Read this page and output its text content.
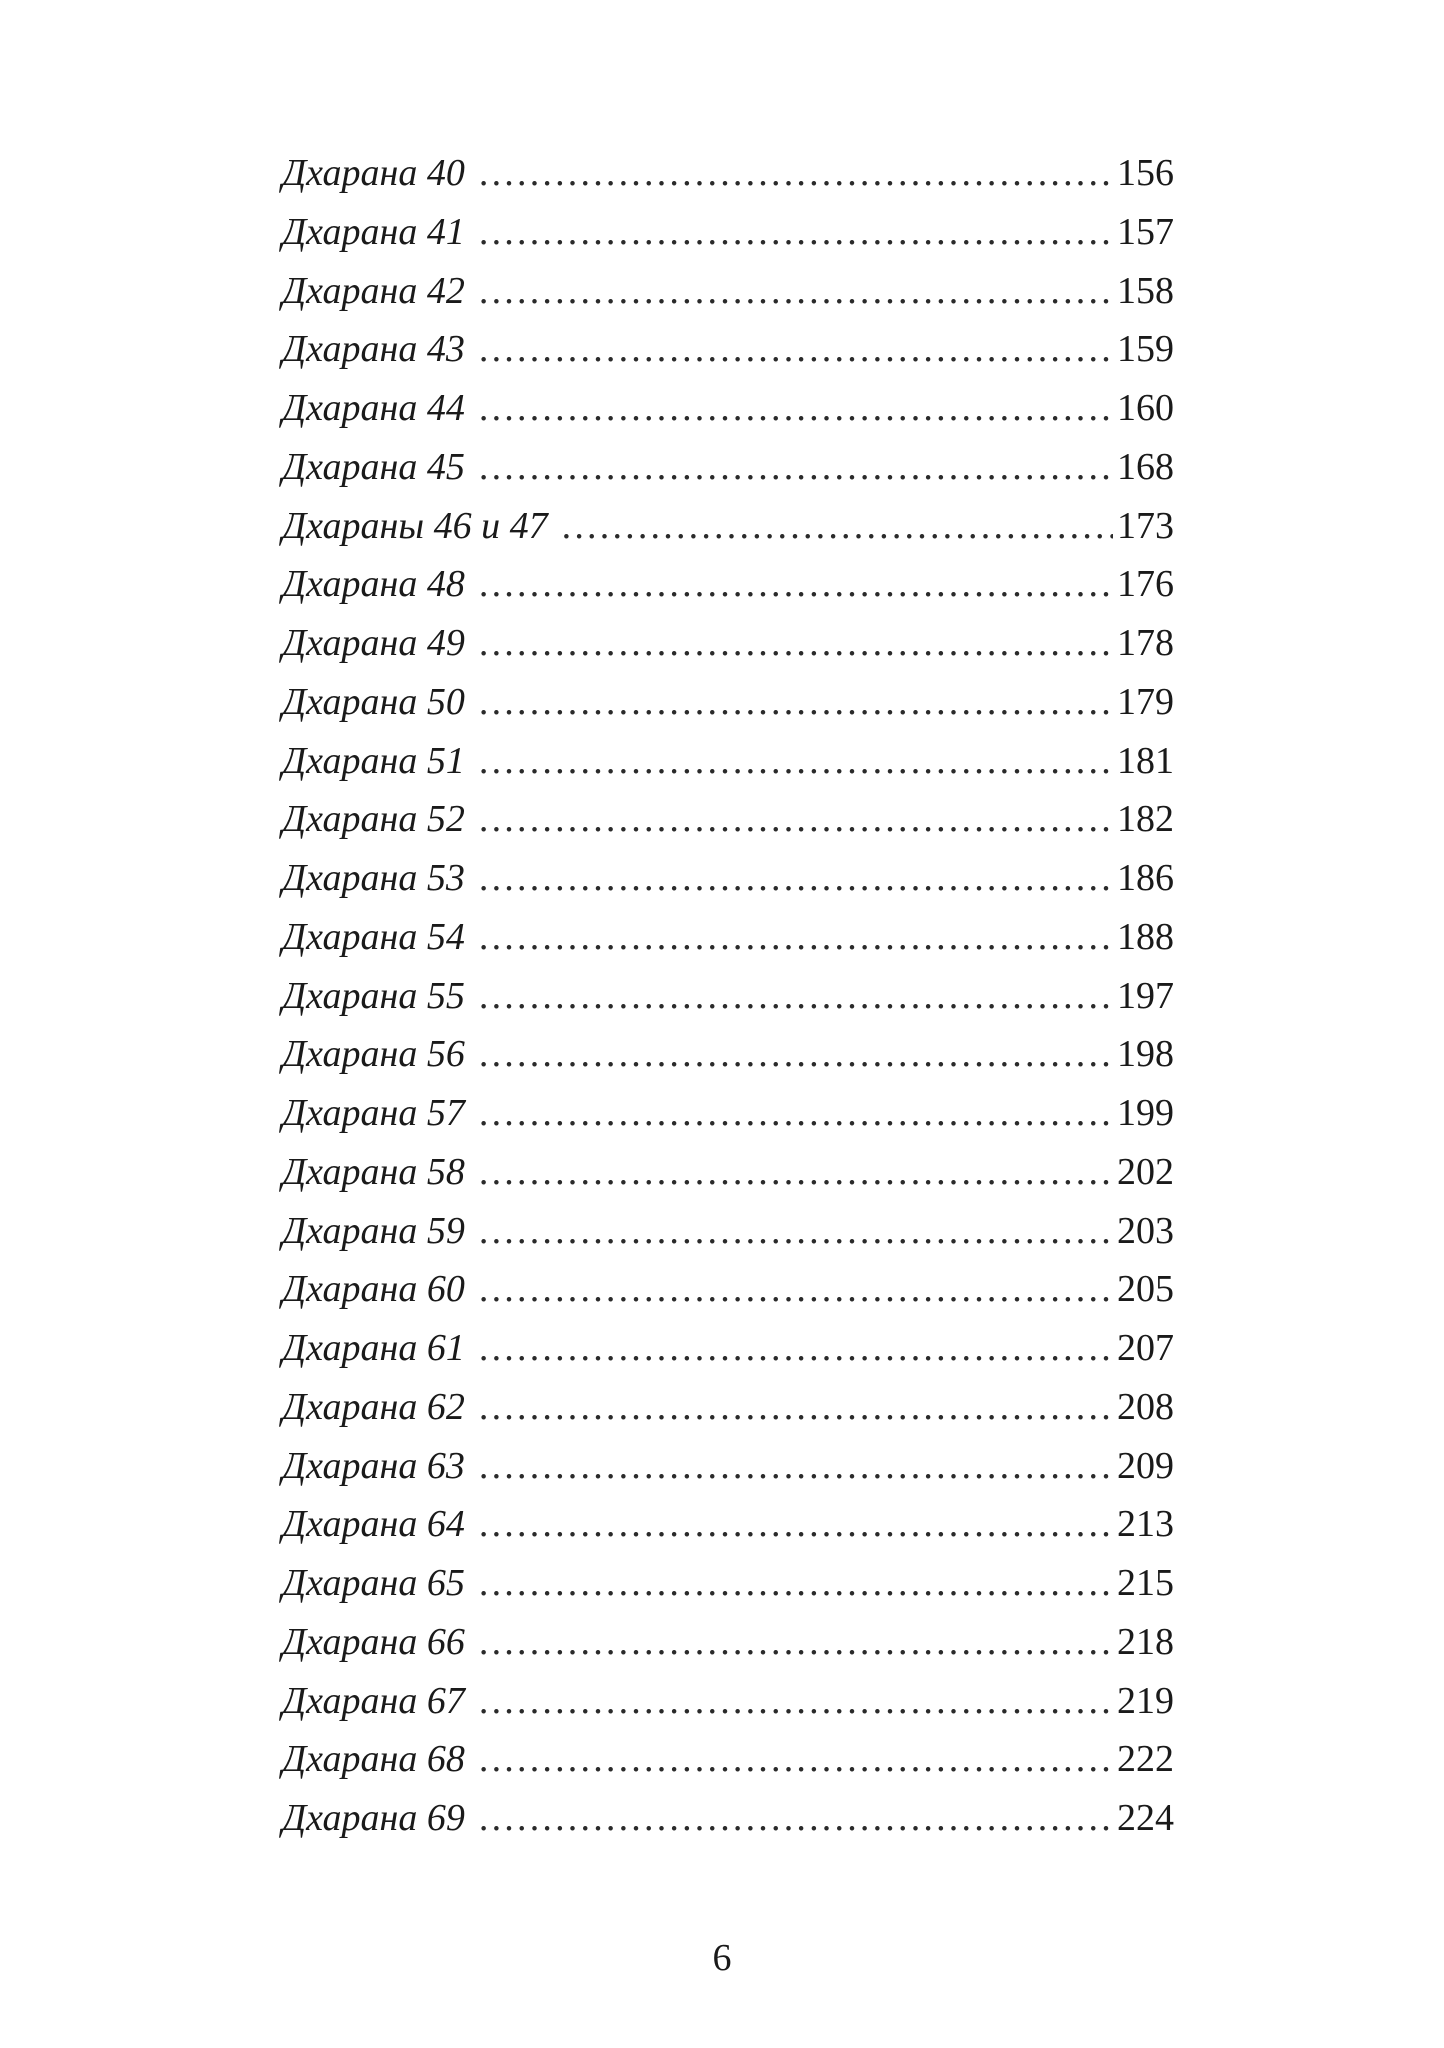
Дхарана 40 .....	156
Дхарана 41 .....	157
Дхарана 42 .....	158
Дхарана 43 .....	159
Дхарана 44 .....	160
Дхарана 45 .....	168
Дхараны 46 и 47 .....	173
Дхарана 48 .....	176
Дхарана 49 .....	178
Дхарана 50 .....	179
Дхарана 51 .....	181
Дхарана 52 .....	182
Дхарана 53 .....	186
Дхарана 54 .....	188
Дхарана 55 .....	197
Дхарана 56 .....	198
Дхарана 57 .....	199
Дхарана 58 .....	202
Дхарана 59 .....	203
Дхарана 60 .....	205
Дхарана 61 .....	207
Дхарана 62 .....	208
Дхарана 63 .....	209
Дхарана 64 .....	213
Дхарана 65 .....	215
Дхарана 66 .....	218
Дхарана 67 .....	219
Дхарана 68 .....	222
Дхарана 69 .....	224
6
